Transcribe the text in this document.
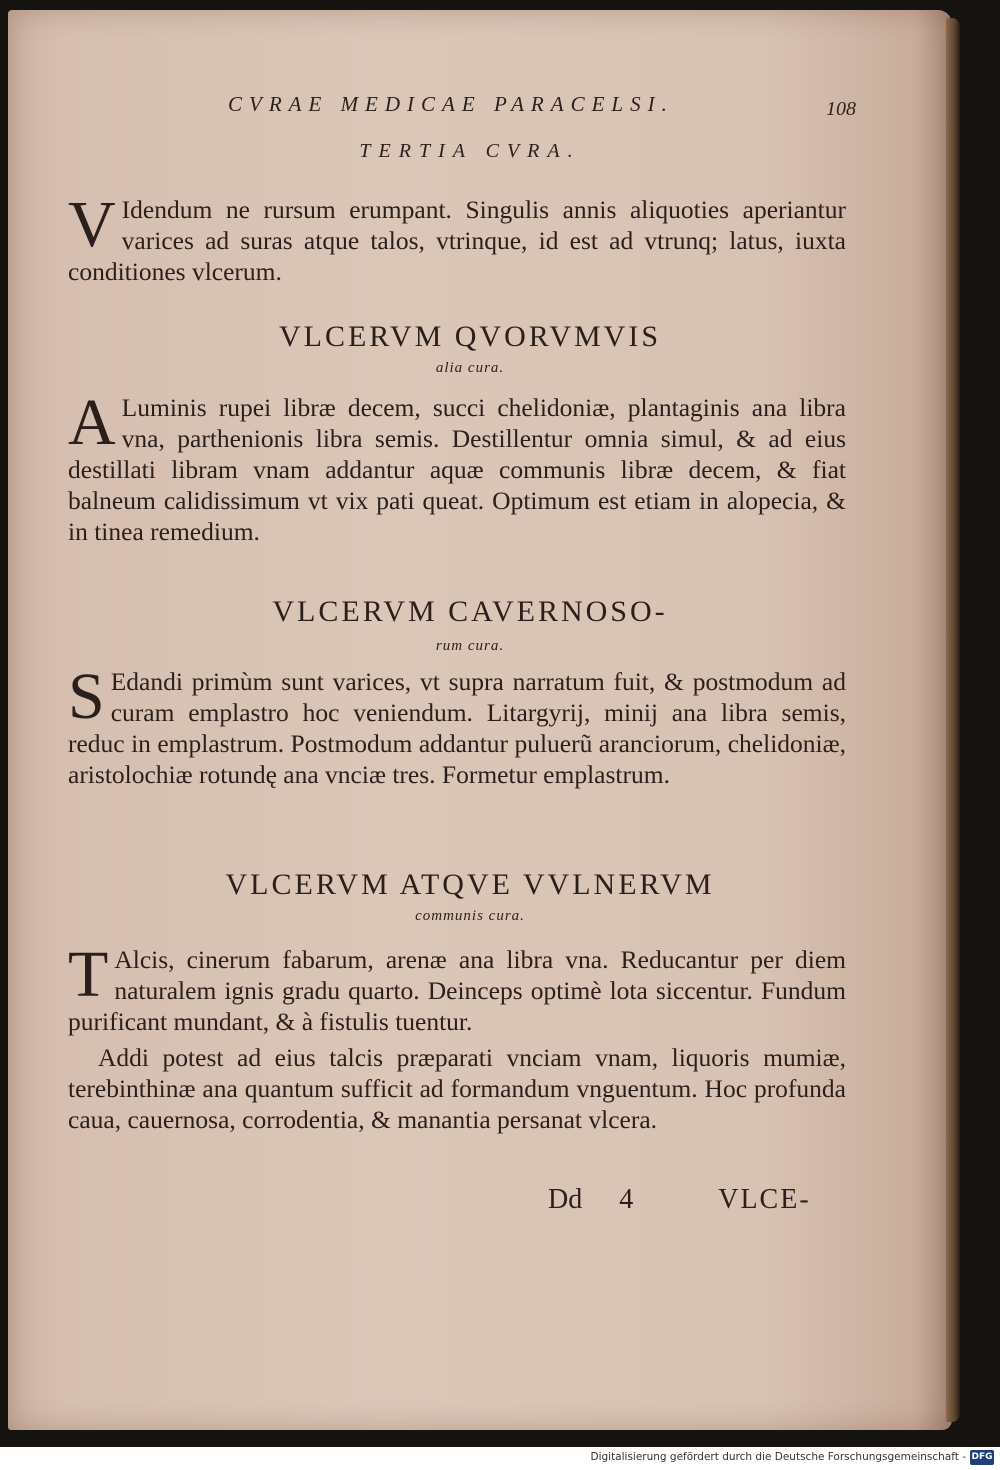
CVRAE MEDICAE PARACELSI.	108
TERTIA CVRA.
V Idendum ne rursum erumpant. Singulis annis aliquoties aperiantur varices ad suras atque talos, vtrinque, id est ad vtrunq; latus, iuxta conditiones vlcerum.
VLCERVM QVORVMVIS
alia cura.
A Luminis rupei libræ decem, succi chelidoniæ, plantaginis ana libra vna, parthenionis libra semis. Destillentur omnia simul, & ad eius destillati libram vnam addantur aquæ communis libræ decem, & fiat balneum calidissimum vt vix pati queat. Optimum est etiam in alopecia, & in tinea remedium.
VLCERVM CAVERNOSO-
rum cura.
S Edandi primùm sunt varices, vt supra narratum fuit, & postmodum ad curam emplastro hoc veniendum. Litargyrij, minij ana libra semis, reduc in emplastrum. Postmodum addantur puluerũ aranciorum, chelidoniæ, aristolochiæ rotundę ana vnciæ tres. Formetur emplastrum.
VLCERVM ATQVE VVLNERVM
communis cura.
T Alcis, cinerum fabarum, arenæ ana libra vna. Reducantur per diem naturalem ignis gradu quarto. Deinceps optimè lota siccentur. Fundum purificant mundant, & à fistulis tuentur.
Addi potest ad eius talcis præparati vnciam vnam, liquoris mumiæ, terebinthinæ ana quantum sufficit ad formandum vnguentum. Hoc profunda caua, cauernosa, corrodentia, & manantia persanat vlcera.
Dd 4	VLCE-
Digitalisierung gefördert durch die Deutsche Forschungsgemeinschaft - DFG
